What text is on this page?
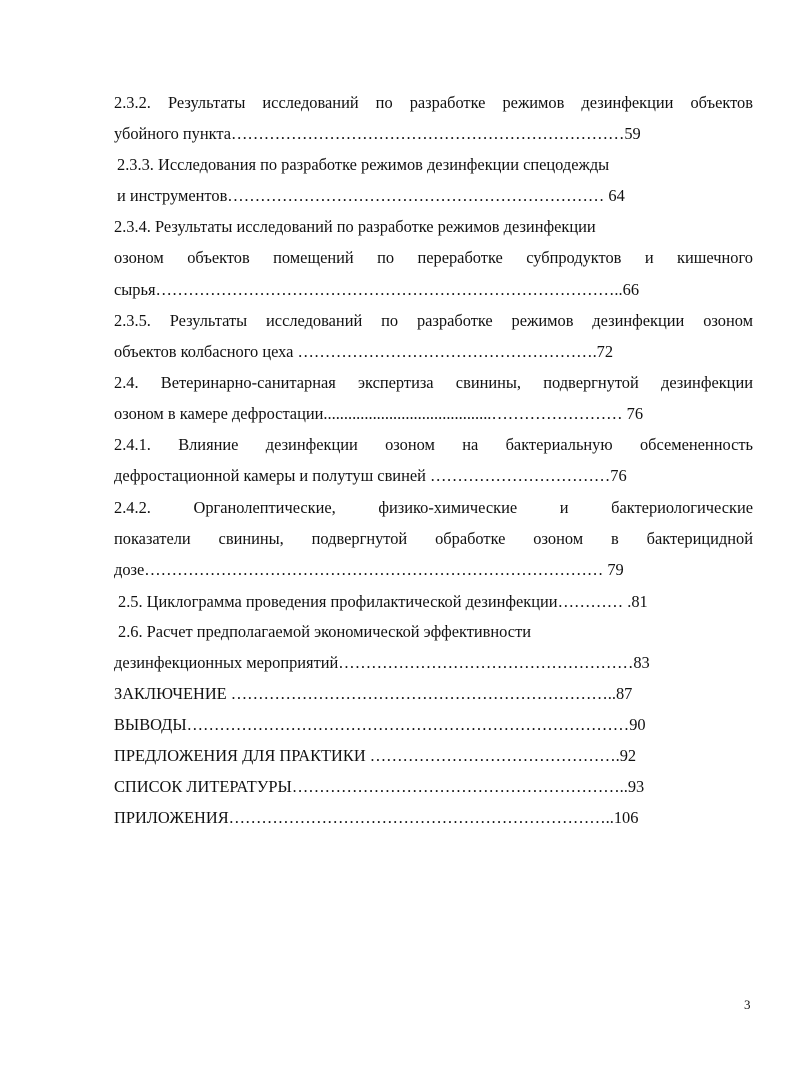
2.3.2. Результаты исследований по разработке режимов дезинфекции объектов
убойного пункта………………………………………………………………59
2.3.3. Исследования по разработке режимов дезинфекции спецодежды
и инструментов…………………………………………………………… 64
2.3.4. Результаты исследований по разработке режимов дезинфекции
озоном объектов помещений по переработке субпродуктов и кишечного
сырья…………………………………………………………………………..66
2.3.5. Результаты исследований по разработке режимов дезинфекции озоном
объектов колбасного цеха ……………………………………………….72
2.4. Ветеринарно-санитарная экспертиза свинины, подвергнутой дезинфекции
озоном в камере дефростации.........................................…………………… 76
2.4.1. Влияние дезинфекции озоном на бактериальную обсемененность
дефростационной камеры и полутуш свиней ……………………………76
2.4.2. Органолептические, физико-химические и бактериологические
показатели свинины, подвергнутой обработке озоном в бактерицидной
дозе………………………………………………………………………… 79
2.5. Циклограмма проведения профилактической дезинфекции………… .81
2.6. Расчет предполагаемой экономической эффективности
дезинфекционных мероприятий………………………………………………83
ЗАКЛЮЧЕНИЕ ……………………………………………………………..87
ВЫВОДЫ………………………………………………………………………90
ПРЕДЛОЖЕНИЯ ДЛЯ ПРАКТИКИ ……………………………………….92
СПИСОК ЛИТЕРАТУРЫ……………………………………………………..93
ПРИЛОЖЕНИЯ……………………………………………………………..106
3
